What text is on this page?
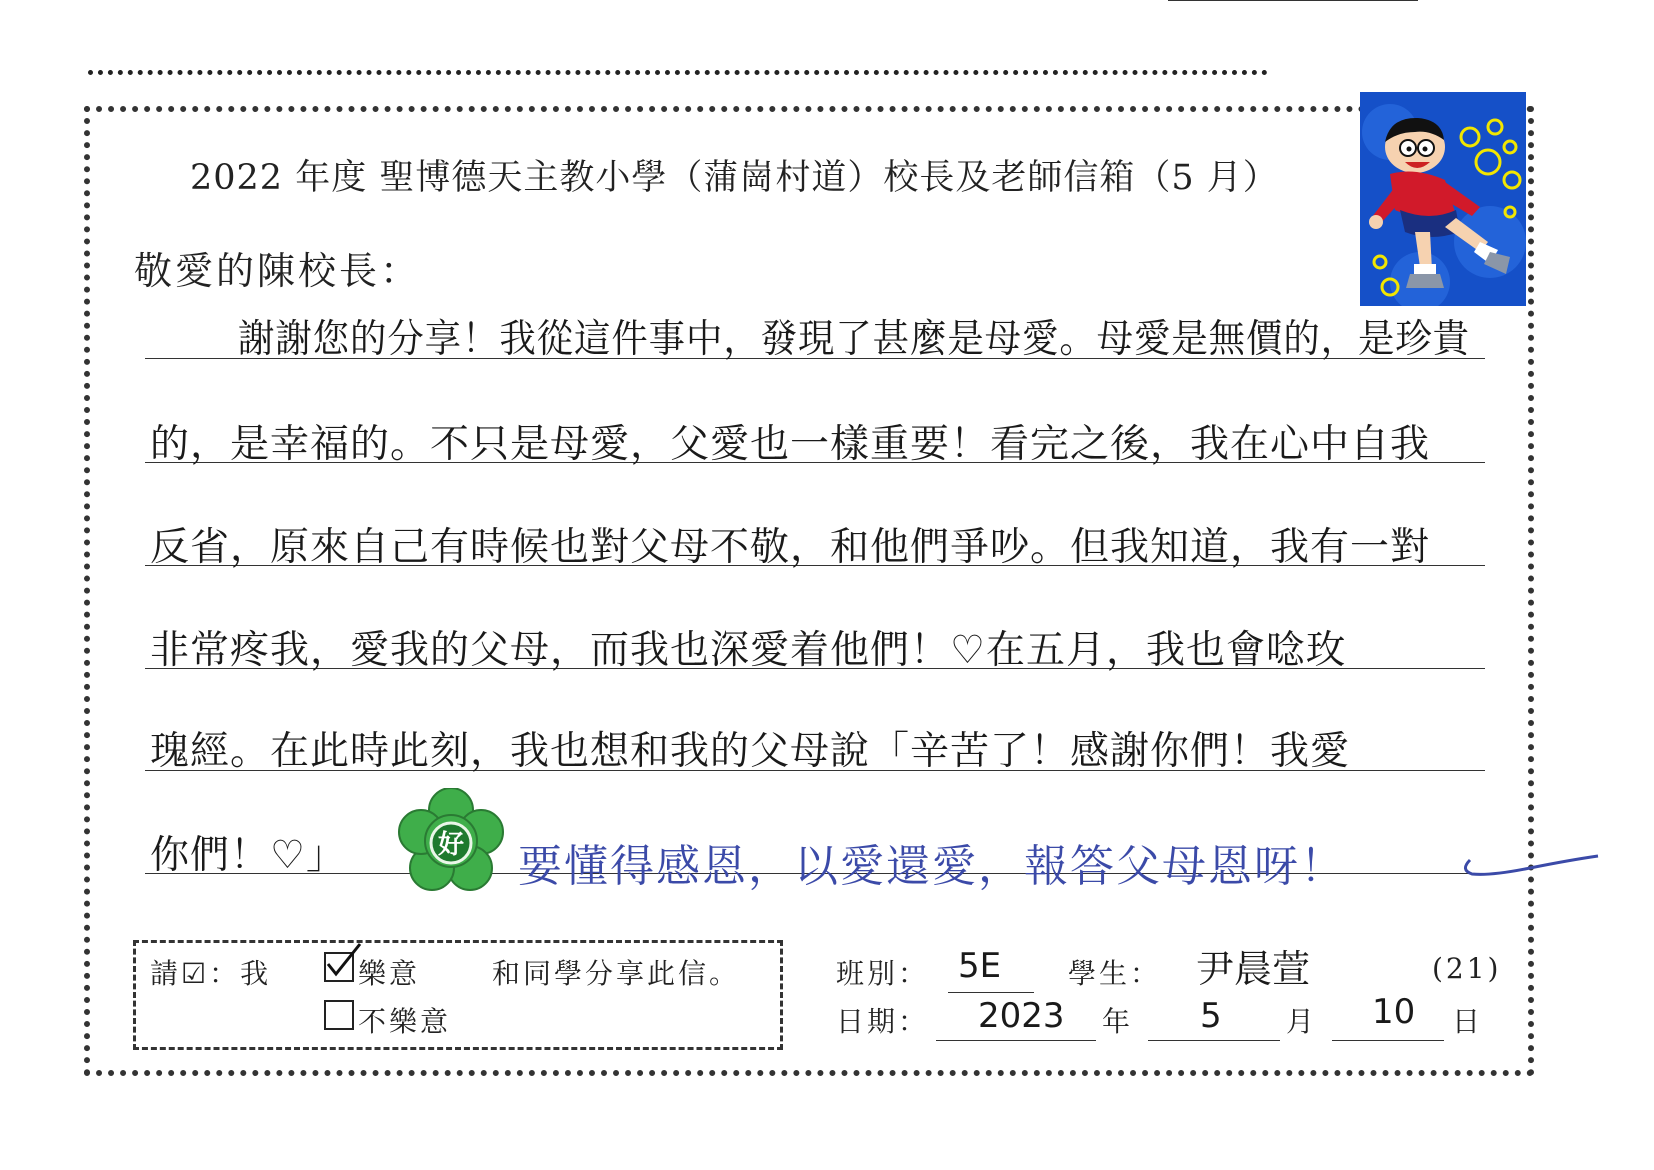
2022 年度 聖博德天主教小學（蒲崗村道）校長及老師信箱（5 月）
敬愛的陳校長：
謝謝您的分享！我從這件事中，發現了甚麼是母愛。母愛是無價的，是珍貴
的，是幸福的。不只是母愛，父愛也一樣重要！看完之後，我在心中自我
反省，原來自己有時候也對父母不敬，和他們爭吵。但我知道，我有一對
非常疼我，愛我的父母，而我也深愛着他們！♡在五月，我也會唸玫
瑰經。在此時此刻，我也想和我的父母說「辛苦了！感謝你們！我愛
你們！♡」	好 要懂得感恩，以愛還愛，報答父母恩呀！
請☑：我	樂意	和同學分享此信。
不樂意
班別： 5E 學生： 尹晨萱	(21)
日期： 2023 年 5 月 10 日
